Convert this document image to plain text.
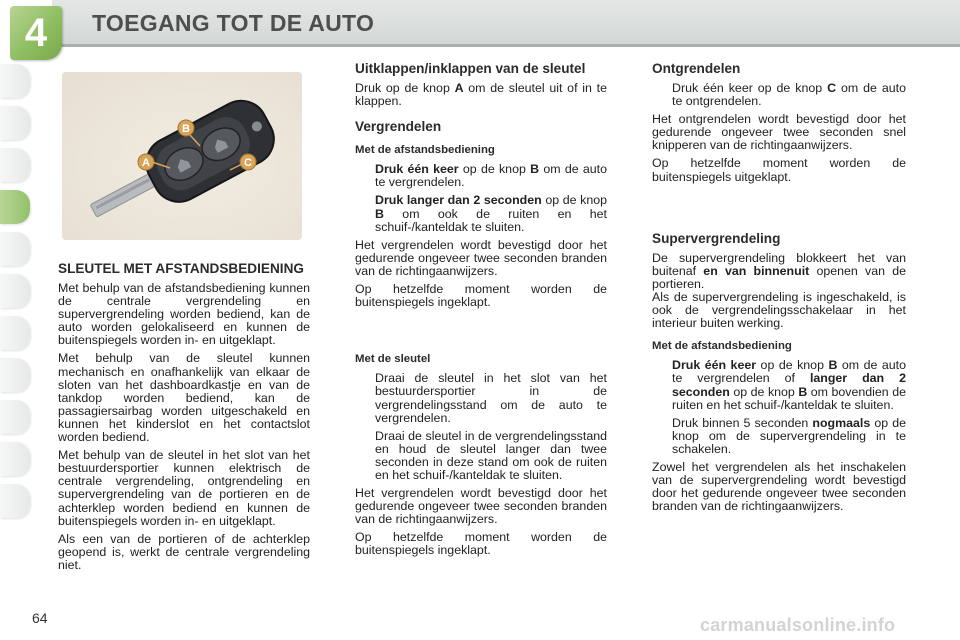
4	TOEGANG TOT DE AUTO
B
A	C
SLEUTEL MET AFSTANDSBEDIENING

Met behulp van de afstandsbediening kunnen de centrale vergrendeling en supervergrendeling worden bediend, kan de auto worden gelokaliseerd en kunnen de buitenspiegels worden in- en uitgeklapt.

Met behulp van de sleutel kunnen mechanisch en onafhankelijk van elkaar de sloten van het dashboardkastje en van de tankdop worden bediend, kan de passagiersairbag worden uitgeschakeld en kunnen het kinderslot en het contactslot worden bediend.

Met behulp van de sleutel in het slot van het bestuurdersportier kunnen elektrisch de centrale vergrendeling, ontgrendeling en supervergrendeling van de portieren en de achterklep worden bediend en kunnen de buitenspiegels worden in- en uitgeklapt.

Als een van de portieren of de achterklep geopend is, werkt de centrale vergrendeling niet.

Uitklappen/inklappen van de sleutel

Druk op de knop A om de sleutel uit of in te klappen.

Vergrendelen
Met de afstandsbediening
Druk één keer op de knop B om de auto te vergrendelen.
Druk langer dan 2 seconden op de knop B om ook de ruiten en het schuif-/kanteldak te sluiten.

Het vergrendelen wordt bevestigd door het gedurende ongeveer twee seconden branden van de richtingaanwijzers.

Op hetzelfde moment worden de buitenspiegels ingeklapt.

Met de sleutel
Draai de sleutel in het slot van het bestuurdersportier in de vergrendelingsstand om de auto te vergrendelen.
Draai de sleutel in de vergrendelingsstand en houd de sleutel langer dan twee seconden in deze stand om ook de ruiten en het schuif-/kanteldak te sluiten.

Het vergrendelen wordt bevestigd door het gedurende ongeveer twee seconden branden van de richtingaanwijzers.

Op hetzelfde moment worden de buitenspiegels ingeklapt.

Ontgrendelen
Druk één keer op de knop C om de auto te ontgrendelen.

Het ontgrendelen wordt bevestigd door het gedurende ongeveer twee seconden snel knipperen van de richtingaanwijzers.

Op hetzelfde moment worden de buitenspiegels uitgeklapt.

Supervergrendeling

De supervergrendeling blokkeert het van buitenaf en van binnenuit openen van de portieren.

Als de supervergrendeling is ingeschakeld, is ook de vergrendelingsschakelaar in het interieur buiten werking.

Met de afstandsbediening
Druk één keer op de knop B om de auto te vergrendelen of langer dan 2 seconden op de knop B om bovendien de ruiten en het schuif-/kanteldak te sluiten.
Druk binnen 5 seconden nogmaals op de knop om de supervergrendeling in te schakelen.

Zowel het vergrendelen als het inschakelen van de supervergrendeling wordt bevestigd door het gedurende ongeveer twee seconden branden van de richtingaanwijzers.

64	carmanualsonline.info
